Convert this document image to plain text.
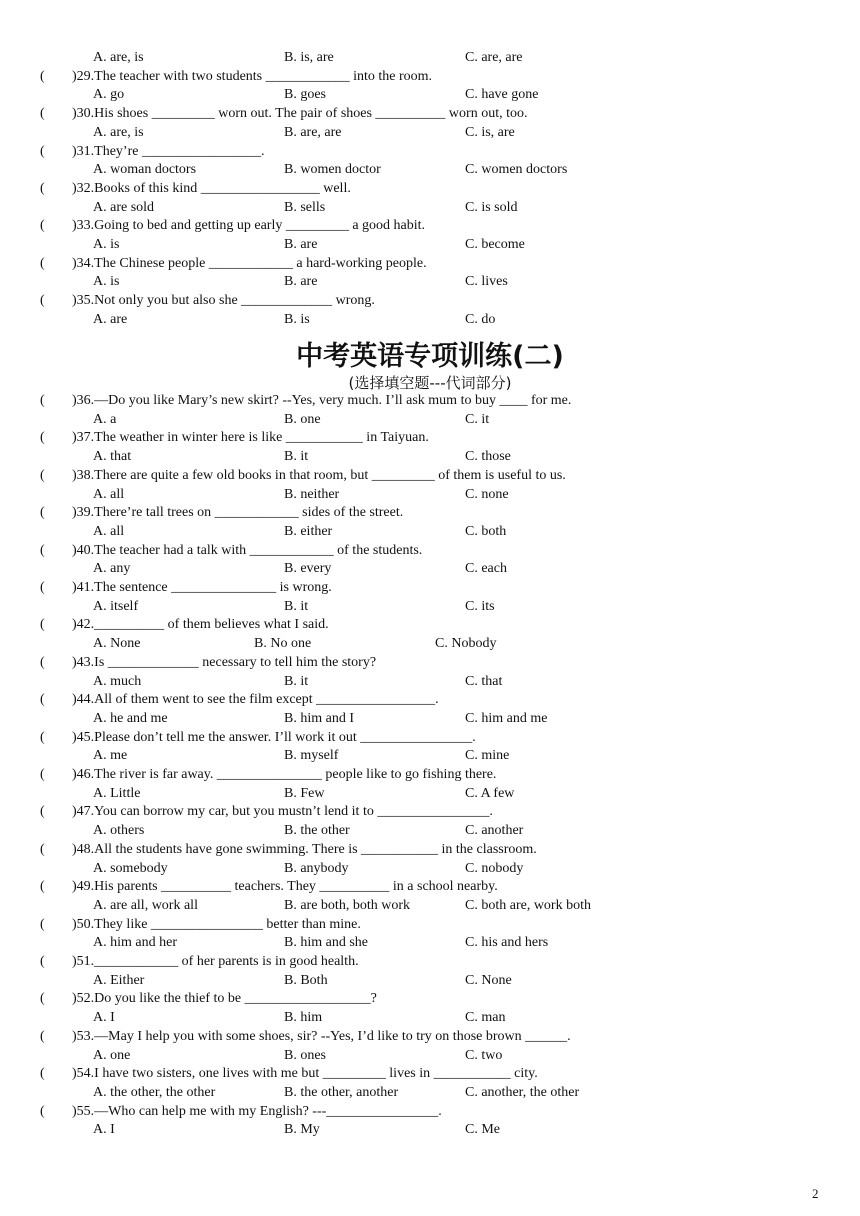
A. are, is	B. is, are	C. are, are
( )29.The teacher with two students ____________ into the room.
A. go	B. goes	C. have gone
( )30.His shoes _________ worn out. The pair of shoes __________ worn out, too.
A. are, is	B. are, are	C. is, are
( )31.They’re _________________.
A. woman doctors	B. women doctor	C. women doctors
( )32.Books of this kind _________________ well.
A. are sold	B. sells	C. is sold
( )33.Going to bed and getting up early _________ a good habit.
A. is	B. are	C. become
( )34.The Chinese people ____________ a hard-working people.
A. is	B. are	C. lives
( )35.Not only you but also she _____________ wrong.
A. are	B. is	C. do
中考英语专项训练(二)
(选择填空题---代词部分)
( )36.—Do you like Mary’s new skirt? --Yes, very much. I’ll ask mum to buy ____ for me.
A. a	B. one	C. it
( )37.The weather in winter here is like ___________ in Taiyuan.
A. that	B. it	C. those
( )38.There are quite a few old books in that room, but _________ of them is useful to us.
A. all	B. neither	C. none
( )39.There’re tall trees on ____________ sides of the street.
A. all	B. either	C. both
( )40.The teacher had a talk with ____________ of the students.
A. any	B. every	C. each
( )41.The sentence _______________ is wrong.
A. itself	B. it	C. its
( )42.__________ of them believes what I said.
A. None	B. No one	C. Nobody
( )43.Is _____________ necessary to tell him the story?
A. much	B. it	C. that
( )44.All of them went to see the film except _________________.
A. he and me	B. him and I	C. him and me
( )45.Please don’t tell me the answer. I’ll work it out ________________.
A. me	B. myself	C. mine
( )46.The river is far away. _______________ people like to go fishing there.
A. Little	B. Few	C. A few
( )47.You can borrow my car, but you mustn’t lend it to ________________.
A. others	B. the other	C. another
( )48.All the students have gone swimming. There is ___________ in the classroom.
A. somebody	B. anybody	C. nobody
( )49.His parents __________ teachers. They __________ in a school nearby.
A. are all, work all	B. are both, both work	C. both are, work both
( )50.They like ________________ better than mine.
A. him and her	B. him and she	C. his and hers
( )51.____________ of her parents is in good health.
A. Either	B. Both	C. None
( )52.Do you like the thief to be __________________?
A. I	B. him	C. man
( )53.—May I help you with some shoes, sir? --Yes, I’d like to try on those brown ______.
A. one	B. ones	C. two
( )54.I have two sisters, one lives with me but _________ lives in ___________ city.
A. the other, the other	B. the other, another	C. another, the other
( )55.—Who can help me with my English? ---________________.
A. I	B. My	C. Me
2
